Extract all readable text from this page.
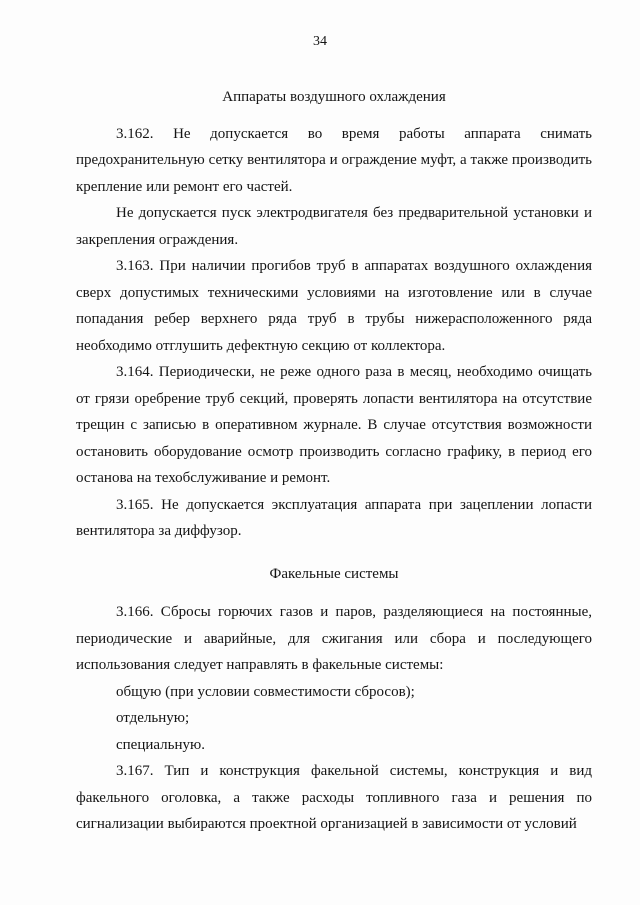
34

Аппараты воздушного охлаждения

3.162. Не допускается во время работы аппарата снимать предохранительную сетку вентилятора и ограждение муфт, а также производить крепление или ремонт его частей.

Не допускается пуск электродвигателя без предварительной установки и закрепления ограждения.

3.163. При наличии прогибов труб в аппаратах воздушного охлаждения сверх допустимых техническими условиями на изготовление или в случае попадания ребер верхнего ряда труб в трубы нижерасположенного ряда необходимо отглушить дефектную секцию от коллектора.

3.164. Периодически, не реже одного раза в месяц, необходимо очищать от грязи оребрение труб секций, проверять лопасти вентилятора на отсутствие трещин с записью в оперативном журнале. В случае отсутствия возможности остановить оборудование осмотр производить согласно графику, в период его останова на техобслуживание и ремонт.

3.165. Не допускается эксплуатация аппарата при зацеплении лопасти вентилятора за диффузор.

Факельные системы

3.166. Сбросы горючих газов и паров, разделяющиеся на постоянные, периодические и аварийные, для сжигания или сбора и последующего использования следует направлять в факельные системы:

общую (при условии совместимости сбросов);

отдельную;

специальную.

3.167. Тип и конструкция факельной системы, конструкция и вид факельного оголовка, а также расходы топливного газа и решения по сигнализации выбираются проектной организацией в зависимости от условий
